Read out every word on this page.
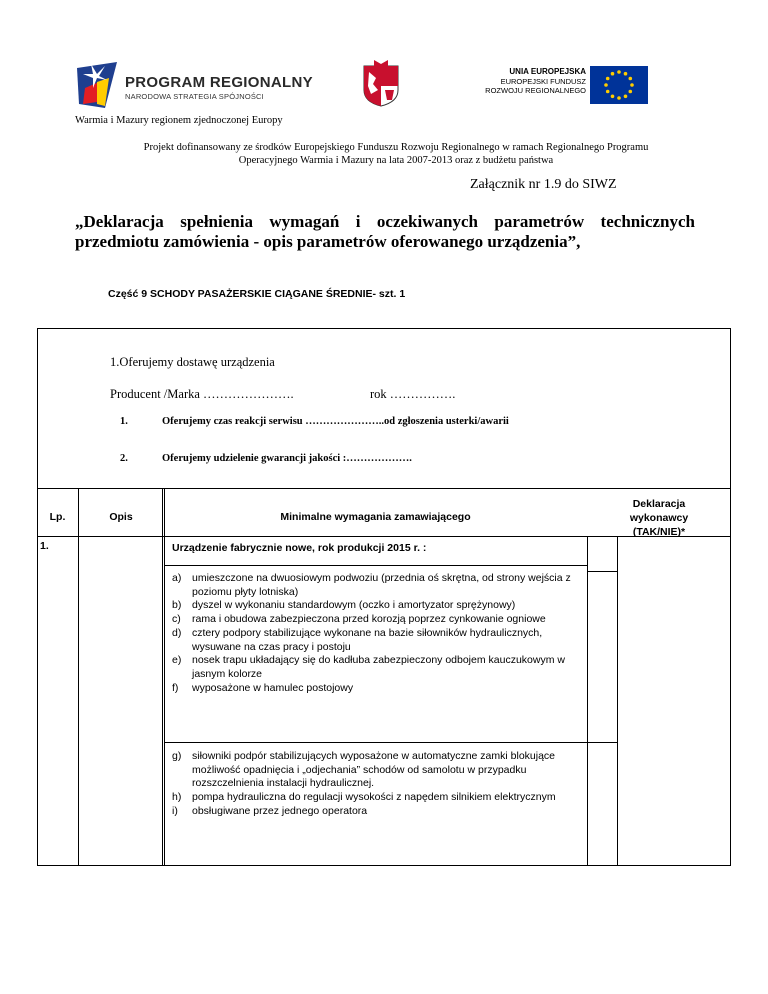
PROGRAM REGIONALNY
NARODOWA STRATEGIA SPÓJNOŚCI
UNIA EUROPEJSKA
EUROPEJSKI FUNDUSZ
ROZWOJU REGIONALNEGO
Warmia i Mazury regionem zjednoczonej Europy
Projekt dofinansowany ze środków Europejskiego Funduszu Rozwoju Regionalnego w ramach Regionalnego Programu
Operacyjnego Warmia i Mazury na lata 2007-2013 oraz z budżetu państwa
Załącznik nr 1.9 do SIWZ
„Deklaracja spełnienia wymagań i oczekiwanych parametrów technicznych
przedmiotu zamówienia - opis parametrów oferowanego urządzenia”,
Część 9 SCHODY PASAŻERSKIE CIĄGANE ŚREDNIE- szt. 1
1.Oferujemy dostawę urządzenia
Producent /Marka ………………….	rok …………….
1.	Oferujemy czas reakcji serwisu …………………..od zgłoszenia usterki/awarii
2.	Oferujemy udzielenie gwarancji jakości :……………….
Lp.	Opis	Minimalne wymagania zamawiającego
Deklaracja
wykonawcy
(TAK/NIE)*
1.	Urządzenie fabrycznie nowe, rok produkcji 2015 r. :
a)	umieszczone na dwuosiowym podwoziu (przednia oś skrętna, od strony wejścia z poziomu płyty lotniska)
b)	dyszel w wykonaniu standardowym (oczko i amortyzator sprężynowy)
c)	rama i obudowa zabezpieczona przed korozją poprzez cynkowanie ogniowe
d)	cztery podpory stabilizujące wykonane na bazie siłowników hydraulicznych, wysuwane na czas pracy i postoju
e)	nosek trapu układający się do kadłuba zabezpieczony odbojem kauczukowym w jasnym kolorze
f)	wyposażone w hamulec postojowy
g)	siłowniki podpór stabilizujących wyposażone w automatyczne zamki blokujące możliwość opadnięcia i „odjechania” schodów od samolotu w przypadku rozszczelnienia instalacji hydraulicznej.
h)	pompa hydrauliczna do regulacji wysokości z napędem silnikiem elektrycznym
i)	obsługiwane przez jednego operatora
